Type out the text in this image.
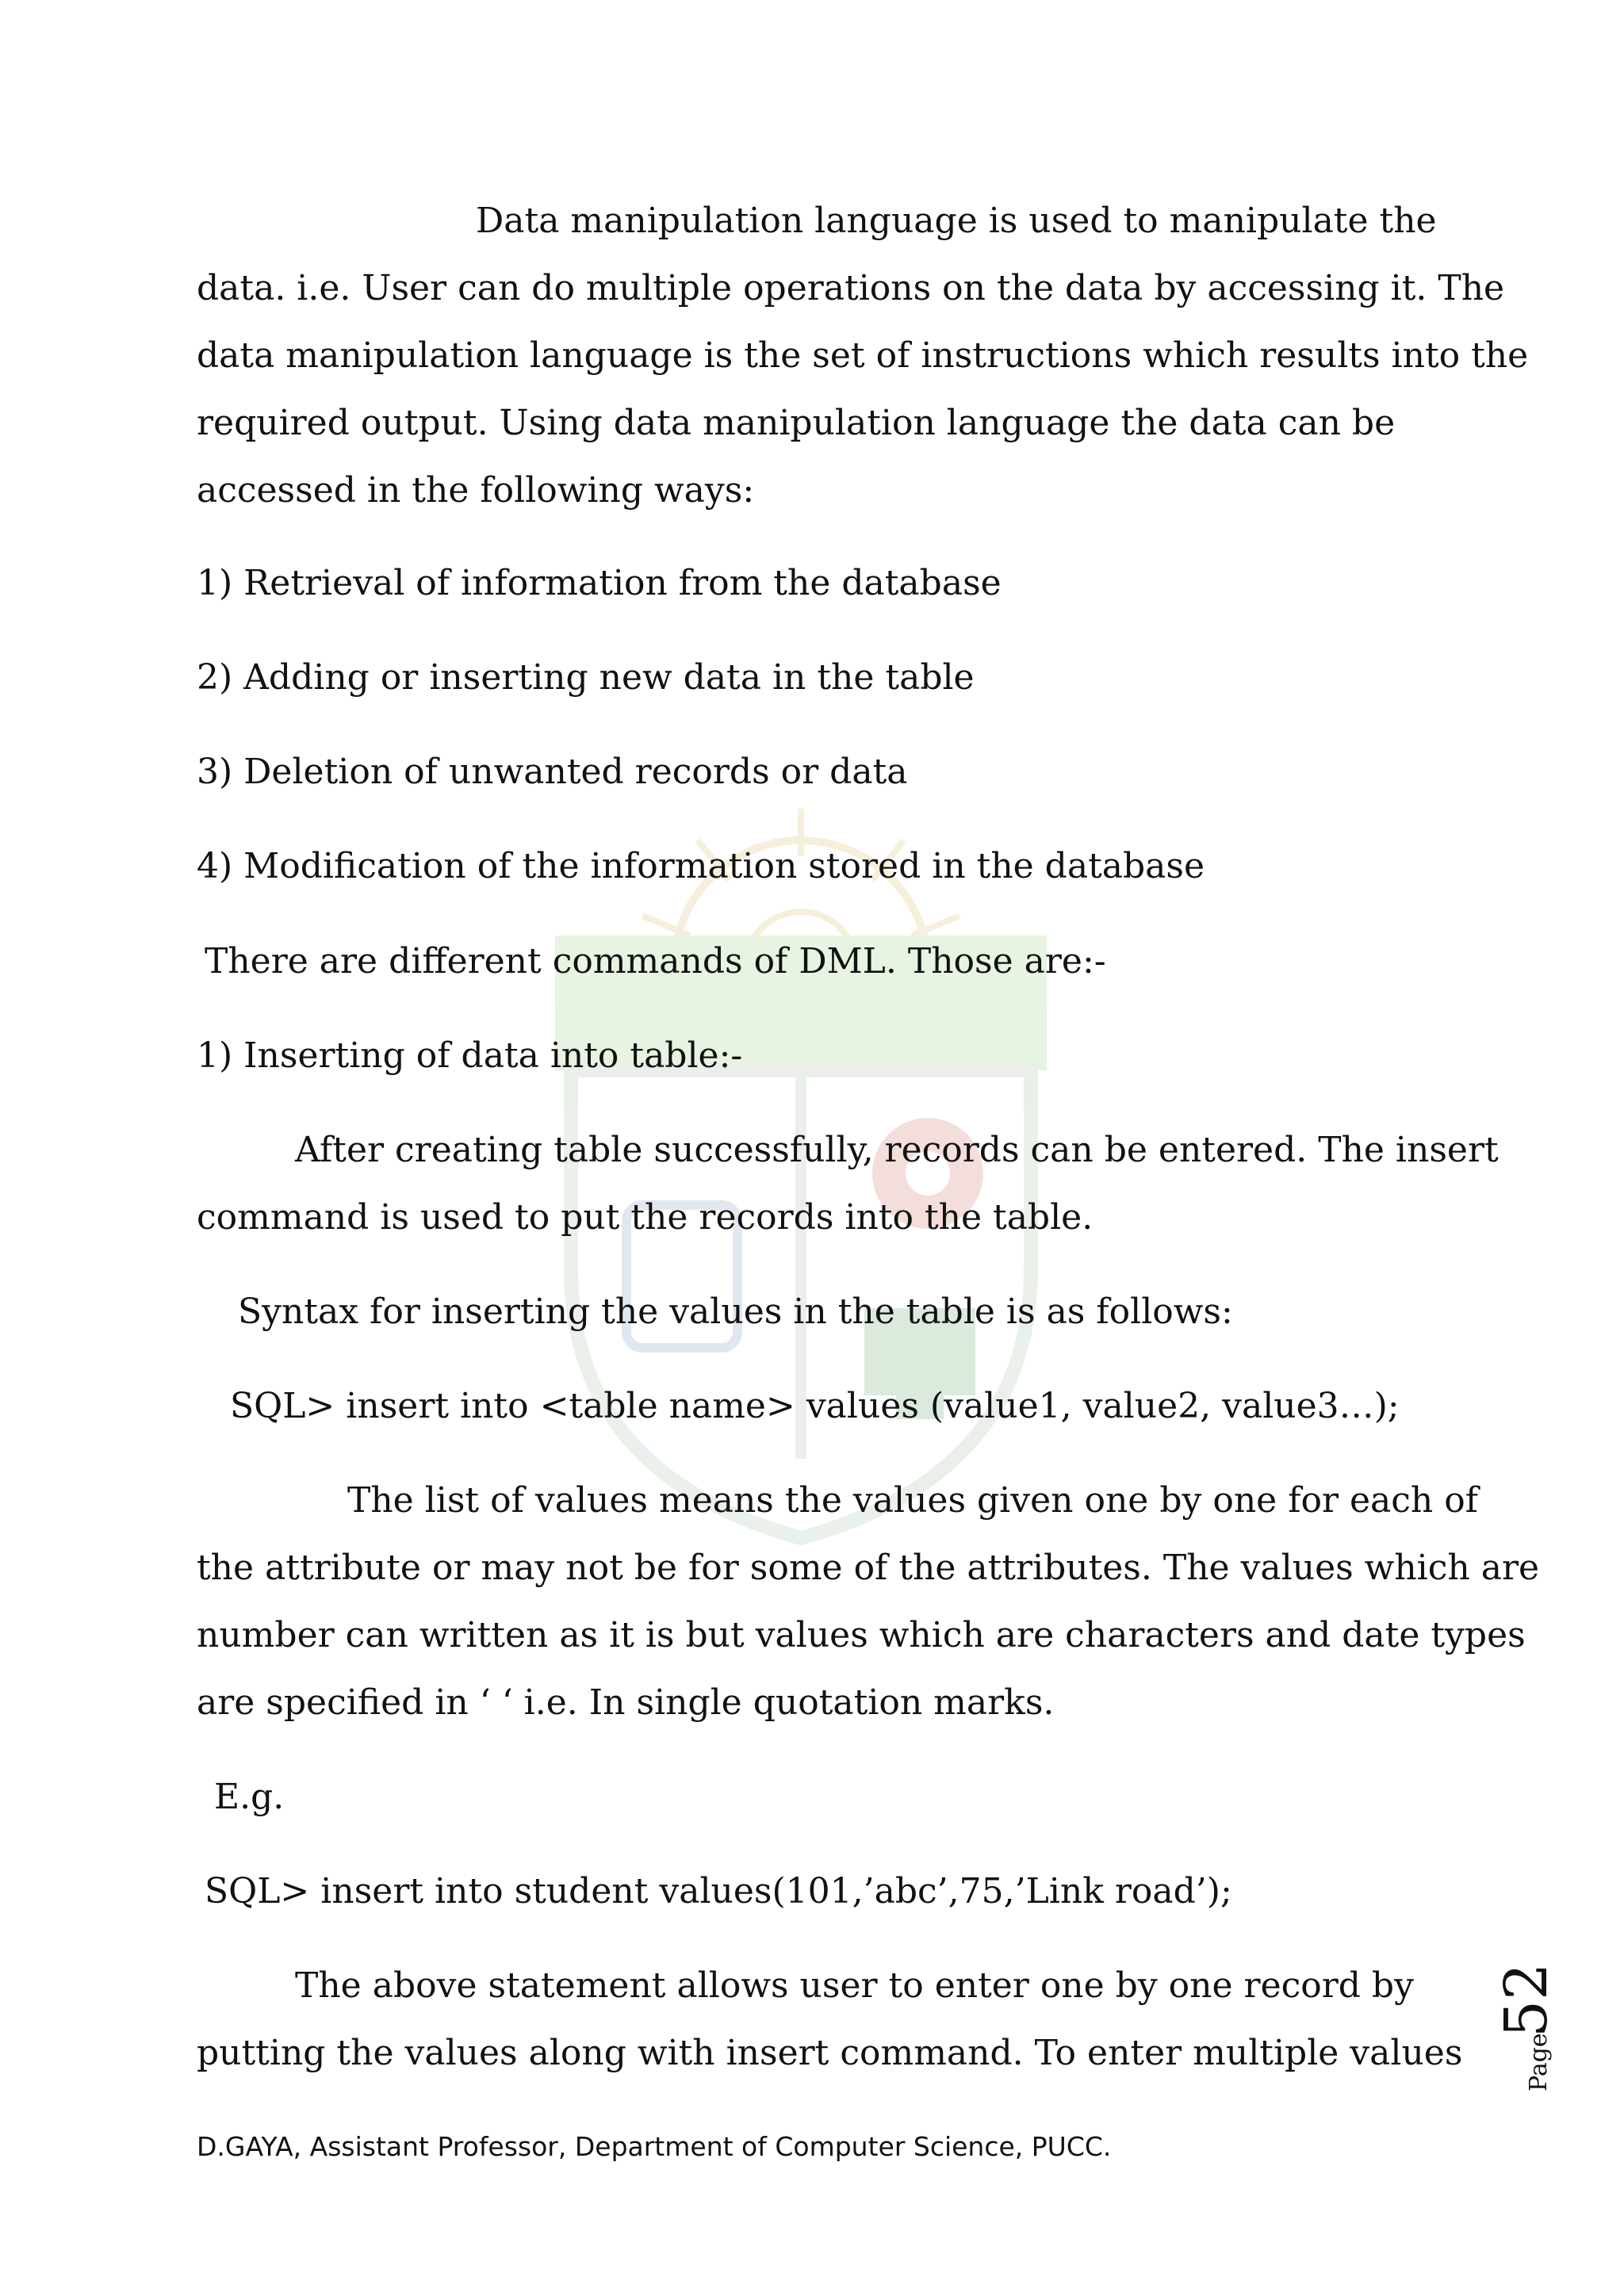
Data manipulation language is used to manipulate the
data. i.e. User can do multiple operations on the data by accessing it. The
data manipulation language is the set of instructions which results into the
required output. Using data manipulation language the data can be
accessed in the following ways:

1) Retrieval of information from the database

2) Adding or inserting new data in the table

3) Deletion of unwanted records or data

4) Modification of the information stored in the database

There are different commands of DML. Those are:-

1) Inserting of data into table:-

After creating table successfully, records can be entered. The insert
command is used to put the records into the table.

Syntax for inserting the values in the table is as follows:

SQL> insert into <table name> values (value1, value2, value3…);

The list of values means the values given one by one for each of
the attribute or may not be for some of the attributes. The values which are
number can written as it is but values which are characters and date types
are specified in ‘ ‘ i.e. In single quotation marks.

E.g.

SQL> insert into student values(101,’abc’,75,’Link road’);

The above statement allows user to enter one by one record by
putting the values along with insert command. To enter multiple values
D.GAYA, Assistant Professor, Department of Computer Science, PUCC.
Page
52
